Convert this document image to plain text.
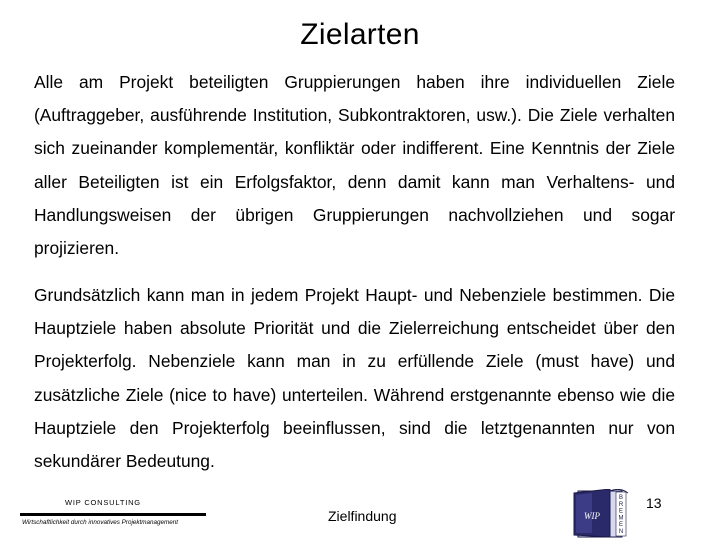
Zielarten

Alle am Projekt beteiligten Gruppierungen haben ihre individuellen Ziele (Auftraggeber, ausführende Institution, Subkontraktoren, usw.). Die Ziele verhalten sich zueinander komplementär, konfliktär oder indifferent. Eine Kenntnis der Ziele aller Beteiligten ist ein Erfolgsfaktor, denn damit kann man Verhaltens- und Handlungsweisen der übrigen Gruppierungen nachvollziehen und sogar projizieren.

Grundsätzlich kann man in jedem Projekt Haupt- und Nebenziele bestimmen. Die Hauptziele haben absolute Priorität und die Zielerreichung entscheidet über den Projekterfolg. Nebenziele kann man in zu erfüllende Ziele (must have) und zusätzliche Ziele (nice to have) unterteilen. Während erstgenannte ebenso wie die Hauptziele den Projekterfolg beeinflussen, sind die letztgenannten nur von sekundärer Bedeutung.

WIP CONSULTING
Wirtschaftlichkeit durch innovatives Projektmanagement	Zielfindung	WIP
B
R
E
M
E
N
13
